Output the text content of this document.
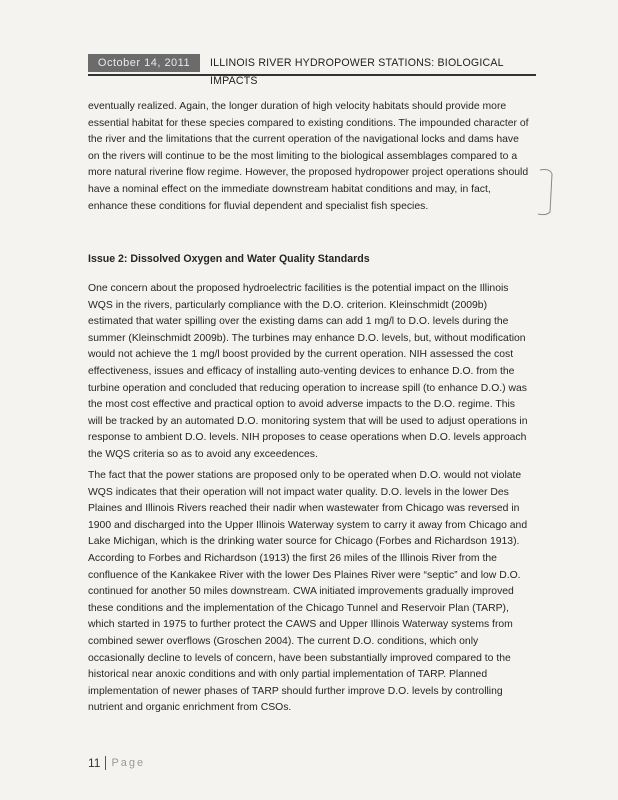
October 14, 2011	ILLINOIS RIVER HYDROPOWER STATIONS: BIOLOGICAL IMPACTS
eventually realized. Again, the longer duration of high velocity habitats should provide more essential habitat for these species compared to existing conditions. The impounded character of the river and the limitations that the current operation of the navigational locks and dams have on the rivers will continue to be the most limiting to the biological assemblages compared to a more natural riverine flow regime. However, the proposed hydropower project operations should have a nominal effect on the immediate downstream habitat conditions and may, in fact, enhance these conditions for fluvial dependent and specialist fish species.
Issue 2: Dissolved Oxygen and Water Quality Standards
One concern about the proposed hydroelectric facilities is the potential impact on the Illinois WQS in the rivers, particularly compliance with the D.O. criterion. Kleinschmidt (2009b) estimated that water spilling over the existing dams can add 1 mg/l to D.O. levels during the summer (Kleinschmidt 2009b). The turbines may enhance D.O. levels, but, without modification would not achieve the 1 mg/l boost provided by the current operation. NIH assessed the cost effectiveness, issues and efficacy of installing auto-venting devices to enhance D.O. from the turbine operation and concluded that reducing operation to increase spill (to enhance D.O.) was the most cost effective and practical option to avoid adverse impacts to the D.O. regime. This will be tracked by an automated D.O. monitoring system that will be used to adjust operations in response to ambient D.O. levels. NIH proposes to cease operations when D.O. levels approach the WQS criteria so as to avoid any exceedences.
The fact that the power stations are proposed only to be operated when D.O. would not violate WQS indicates that their operation will not impact water quality. D.O. levels in the lower Des Plaines and Illinois Rivers reached their nadir when wastewater from Chicago was reversed in 1900 and discharged into the Upper Illinois Waterway system to carry it away from Chicago and Lake Michigan, which is the drinking water source for Chicago (Forbes and Richardson 1913). According to Forbes and Richardson (1913) the first 26 miles of the Illinois River from the confluence of the Kankakee River with the lower Des Plaines River were “septic” and low D.O. continued for another 50 miles downstream. CWA initiated improvements gradually improved these conditions and the implementation of the Chicago Tunnel and Reservoir Plan (TARP), which started in 1975 to further protect the CAWS and Upper Illinois Waterway systems from combined sewer overflows (Groschen 2004). The current D.O. conditions, which only occasionally decline to levels of concern, have been substantially improved compared to the historical near anoxic conditions and with only partial implementation of TARP. Planned implementation of newer phases of TARP should further improve D.O. levels by controlling nutrient and organic enrichment from CSOs.
11 Page
